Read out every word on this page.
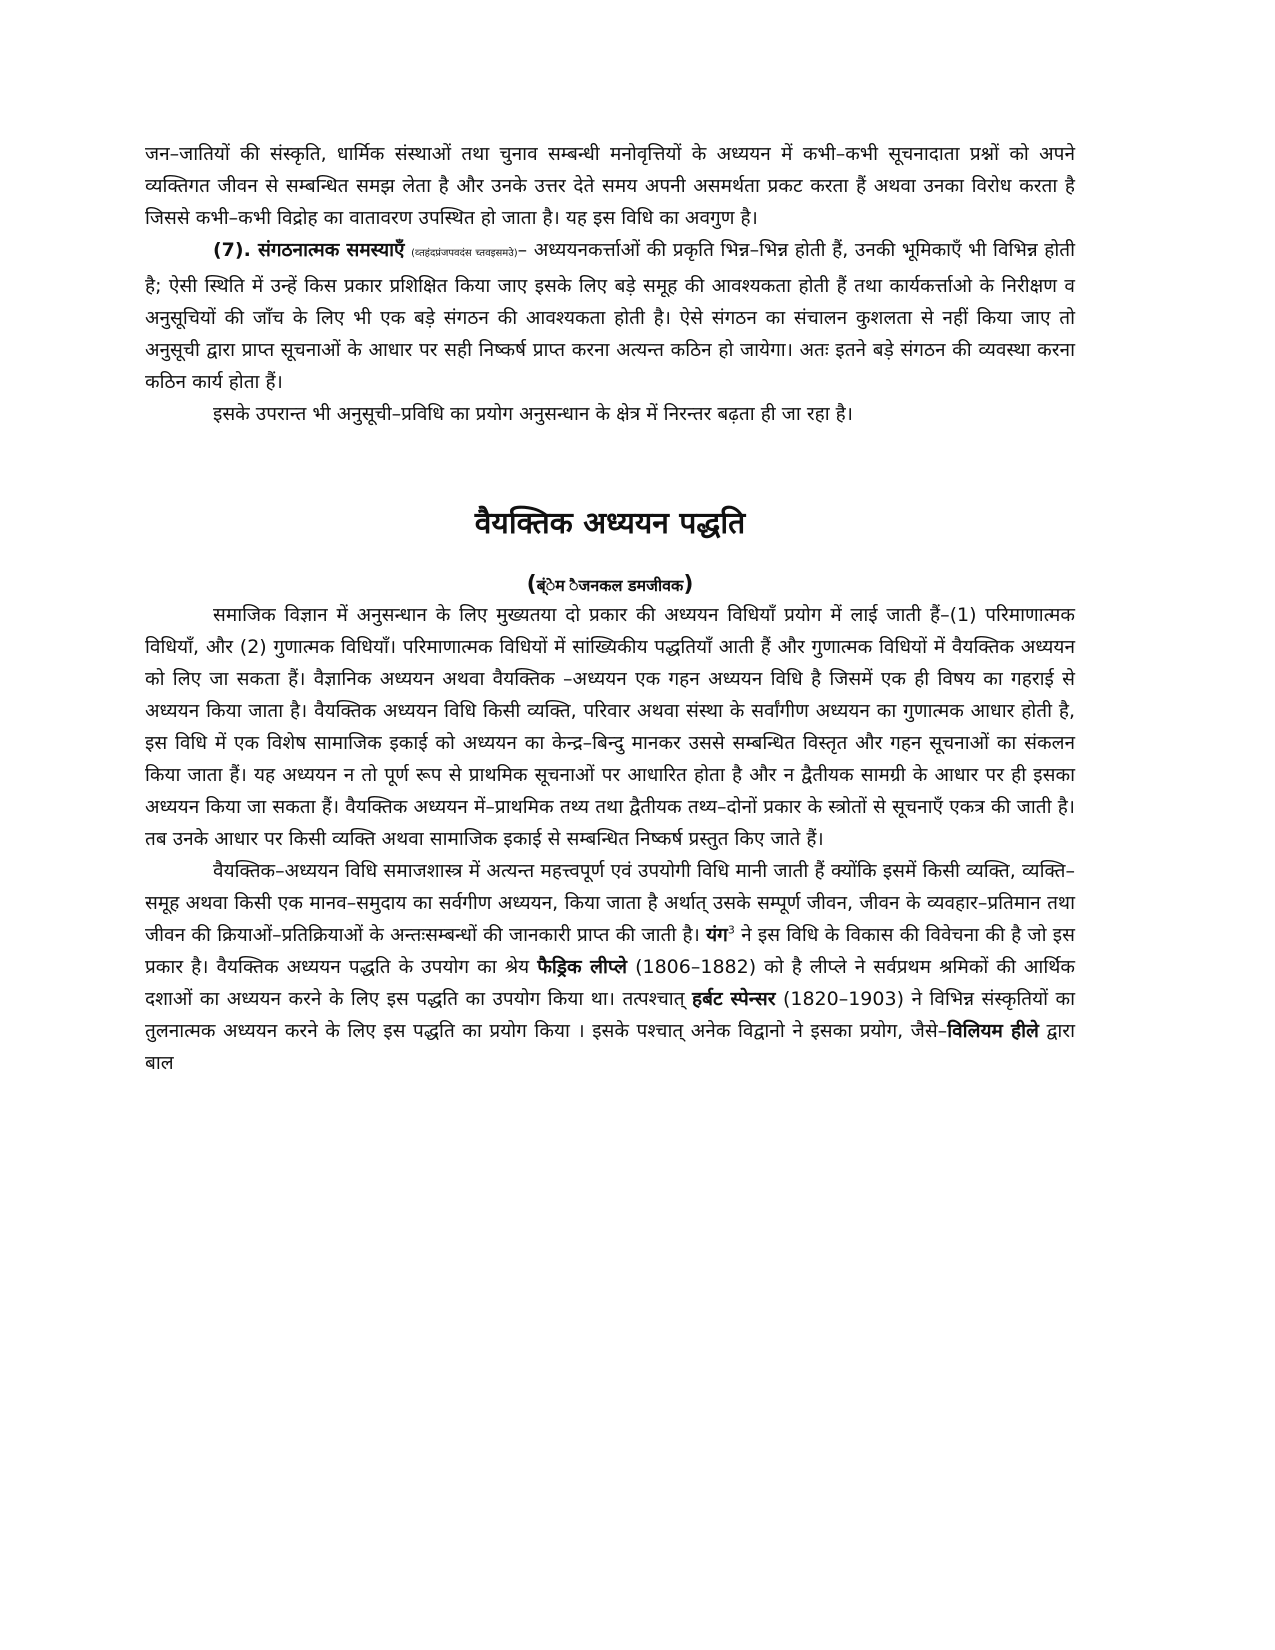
जन–जातियों की संस्कृति, धार्मिक संस्थाओं तथा चुनाव सम्बन्धी मनोवृत्तियों के अध्ययन में कभी–कभी सूचनादाता प्रश्नों को अपने व्यक्तिगत जीवन से सम्बन्धित समझ लेता है और उनके उत्तर देते समय अपनी असमर्थता प्रकट करता हैं अथवा उनका विरोध करता है जिससे कभी–कभी विद्रोह का वातावरण उपस्थित हो जाता है। यह इस विधि का अवगुण है।

(7). संगठनात्मक समस्याएँ (व्तहंदप्रंजपवदंस च्तवइसमउे)– अध्ययनकर्त्ताओं की प्रकृति भिन्न–भिन्न होती हैं, उनकी भूमिकाएँ भी विभिन्न होती है; ऐसी स्थिति में उन्हें किस प्रकार प्रशिक्षित किया जाए इसके लिए बड़े समूह की आवश्यकता होती हैं तथा कार्यकर्त्ताओ के निरीक्षण व अनुसूचियों की जाँच के लिए भी एक बड़े संगठन की आवश्यकता होती है। ऐसे संगठन का संचालन कुशलता से नहीं किया जाए तो अनुसूची द्वारा प्राप्त सूचनाओं के आधार पर सही निष्कर्ष प्राप्त करना अत्यन्त कठिन हो जायेगा। अतः इतने बड़े संगठन की व्यवस्था करना कठिन कार्य होता हैं।

इसके उपरान्त भी अनुसूची–प्रविधि का प्रयोग अनुसन्धान के क्षेत्र में निरन्तर बढ़ता ही जा रहा है।

वैयक्तिक अध्ययन पद्धति

(ब्ंेम ैजनकल डमजीवक)

समाजिक विज्ञान में अनुसन्धान के लिए मुख्यतया दो प्रकार की अध्ययन विधियाँ प्रयोग में लाई जाती हैं–(1) परिमाणात्मक विधियाँ, और (2) गुणात्मक विधियाँ। परिमाणात्मक विधियों में सांख्यिकीय पद्धतियाँ आती हैं और गुणात्मक विधियों में वैयक्तिक अध्ययन को लिए जा सकता हैं। वैज्ञानिक अध्ययन अथवा वैयक्तिक –अध्ययन एक गहन अध्ययन विधि है जिसमें एक ही विषय का गहराई से अध्ययन किया जाता है। वैयक्तिक अध्ययन विधि किसी व्यक्ति, परिवार अथवा संस्था के सर्वांगीण अध्ययन का गुणात्मक आधार होती है, इस विधि में एक विशेष सामाजिक इकाई को अध्ययन का केन्द्र–बिन्दु मानकर उससे सम्बन्धित विस्तृत और गहन सूचनाओं का संकलन किया जाता हैं। यह अध्ययन न तो पूर्ण रूप से प्राथमिक सूचनाओं पर आधारित होता है और न द्वैतीयक सामग्री के आधार पर ही इसका अध्ययन किया जा सकता हैं। वैयक्तिक अध्ययन में–प्राथमिक तथ्य तथा द्वैतीयक तथ्य–दोनों प्रकार के स्त्रोतों से सूचनाएँ एकत्र की जाती है। तब उनके आधार पर किसी व्यक्ति अथवा सामाजिक इकाई से सम्बन्धित निष्कर्ष प्रस्तुत किए जाते हैं।

वैयक्तिक–अध्ययन विधि समाजशास्त्र में अत्यन्त महत्त्वपूर्ण एवं उपयोगी विधि मानी जाती हैं क्योंकि इसमें किसी व्यक्ति, व्यक्ति–समूह अथवा किसी एक मानव–समुदाय का सर्वगीण अध्ययन, किया जाता है अर्थात् उसके सम्पूर्ण जीवन, जीवन के व्यवहार–प्रतिमान तथा जीवन की क्रियाओं–प्रतिक्रियाओं के अन्तःसम्बन्धों की जानकारी प्राप्त की जाती है। यंग$^3$ ने इस विधि के विकास की विवेचना की है जो इस प्रकार है। वैयक्तिक अध्ययन पद्धति के उपयोग का श्रेय फैड्रिक लीप्ले (1806–1882) को है लीप्ले ने सर्वप्रथम श्रमिकों की आर्थिक दशाओं का अध्ययन करने के लिए इस पद्धति का उपयोग किया था। तत्पश्चात् हर्बट स्पेन्सर (1820–1903) ने विभिन्न संस्कृतियों का तुलनात्मक अध्ययन करने के लिए इस पद्धति का प्रयोग किया । इसके पश्चात् अनेक विद्वानो ने इसका प्रयोग, जैसे–विलियम हीले द्वारा बाल
